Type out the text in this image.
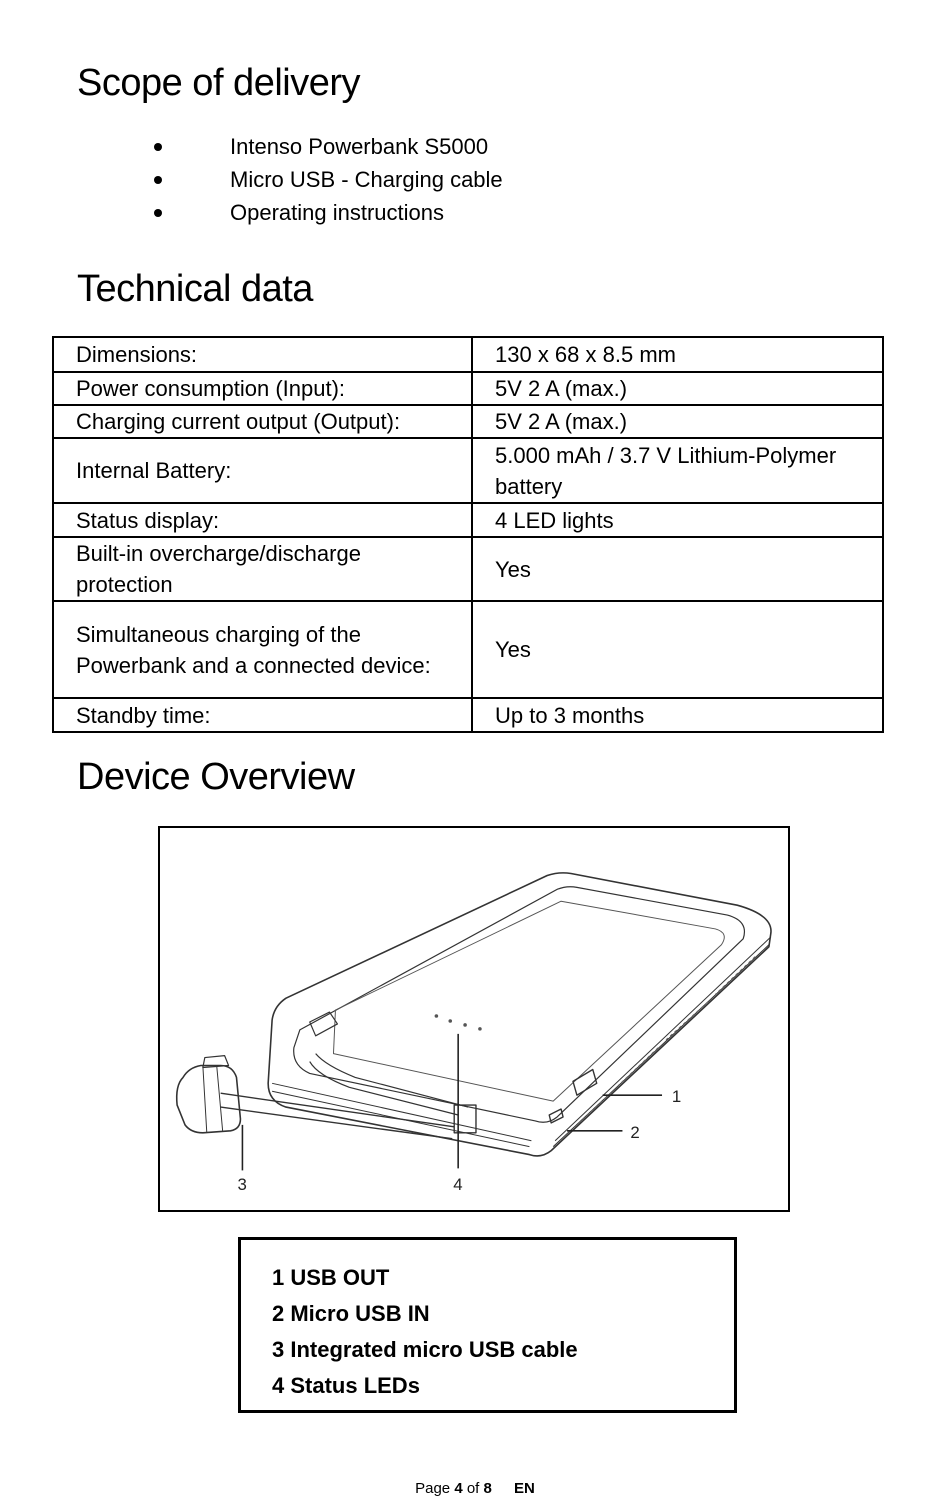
Scope of delivery
Intenso Powerbank S5000
Micro USB - Charging cable
Operating instructions
Technical data
Dimensions:	130 x 68 x 8.5 mm
Power consumption (Input):	5V 2 A (max.)
Charging current output (Output):	5V 2 A (max.)
Internal Battery:	5.000 mAh / 3.7 V Lithium-Polymer battery
Status display:	4 LED lights
Built-in overcharge/discharge protection	Yes
Simultaneous charging of the Powerbank and a connected device:	Yes
Standby time:	Up to 3 months
Device Overview
1
2
3	4
1 USB OUT
2 Micro USB IN
3 Integrated micro USB cable
4 Status LEDs
Page 4 of 8 EN
